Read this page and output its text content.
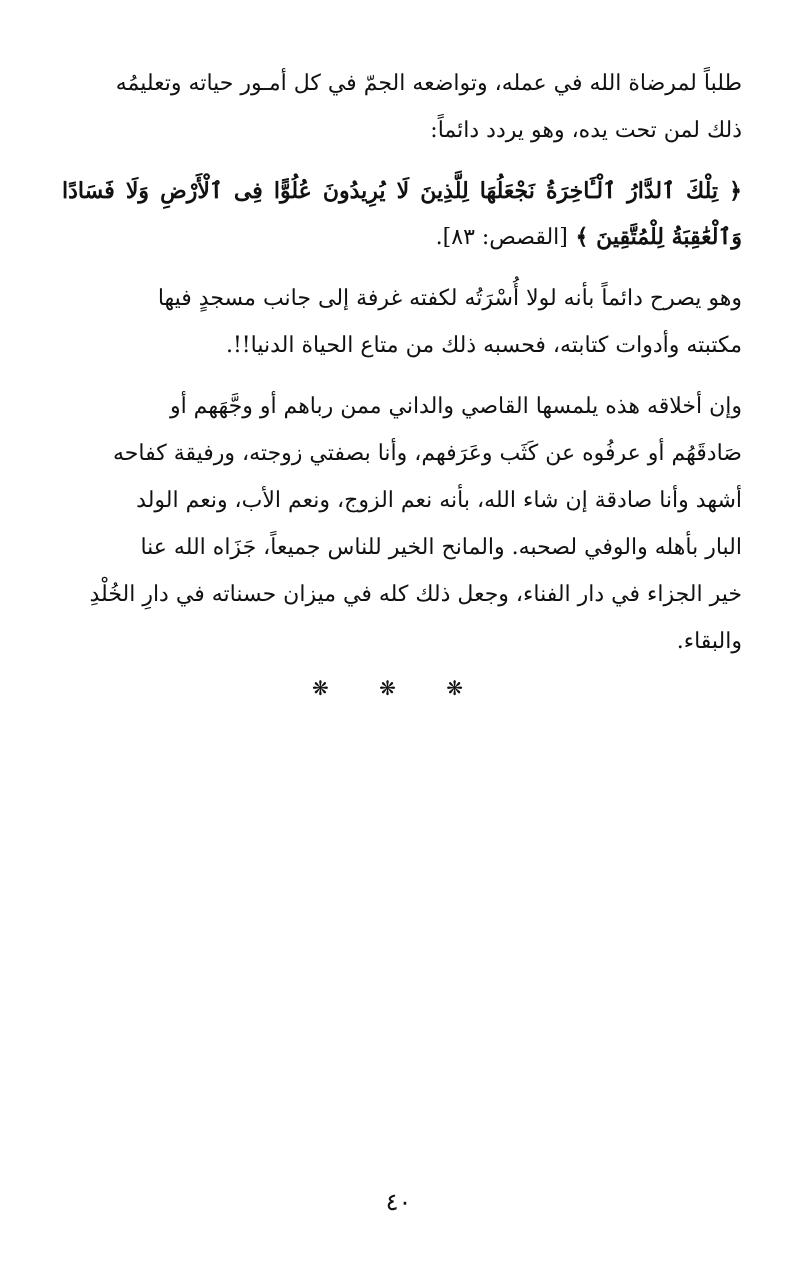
طلباً لمرضاة الله في عمله، وتواضعه الجمّ في كل أمـور حياته وتعليمُه

ذلك لمن تحت يده، وهو يردد دائماً:

﴿ تِلْكَ ٱلدَّارُ ٱلْـَٔاخِرَةُ نَجْعَلُهَا لِلَّذِينَ لَا يُرِيدُونَ عُلُوًّا فِى ٱلْأَرْضِ وَلَا فَسَادًا وَٱلْعَٰقِبَةُ لِلْمُتَّقِينَ ﴾ [القصص: ٨٣].

وهو يصرح دائماً بأنه لولا أُسْرَتُه لكفته غرفة إلى جانب مسجدٍ فيها

مكتبته وأدوات كتابته، فحسبه ذلك من متاع الحياة الدنيا!!.

وإن أخلاقه هذه يلمسها القاصي والداني ممن رباهم أو وجَّهَهم أو

صَادقَهُم أو عرفُوه عن كَثَب وعَرَفهم، وأنا بصفتي زوجته، ورفيقة كفاحه

أشهد وأنا صادقة إن شاء الله، بأنه نعم الزوج، ونعم الأب، ونعم الولد

البار بأهله والوفي لصحبه. والمانح الخير للناس جميعاً، جَزَاه الله عنا

خير الجزاء في دار الفناء، وجعل ذلك كله في ميزان حسناته في دارِ الخُلْدِ

والبقاء.

❋ ❋ ❋
٤٠
